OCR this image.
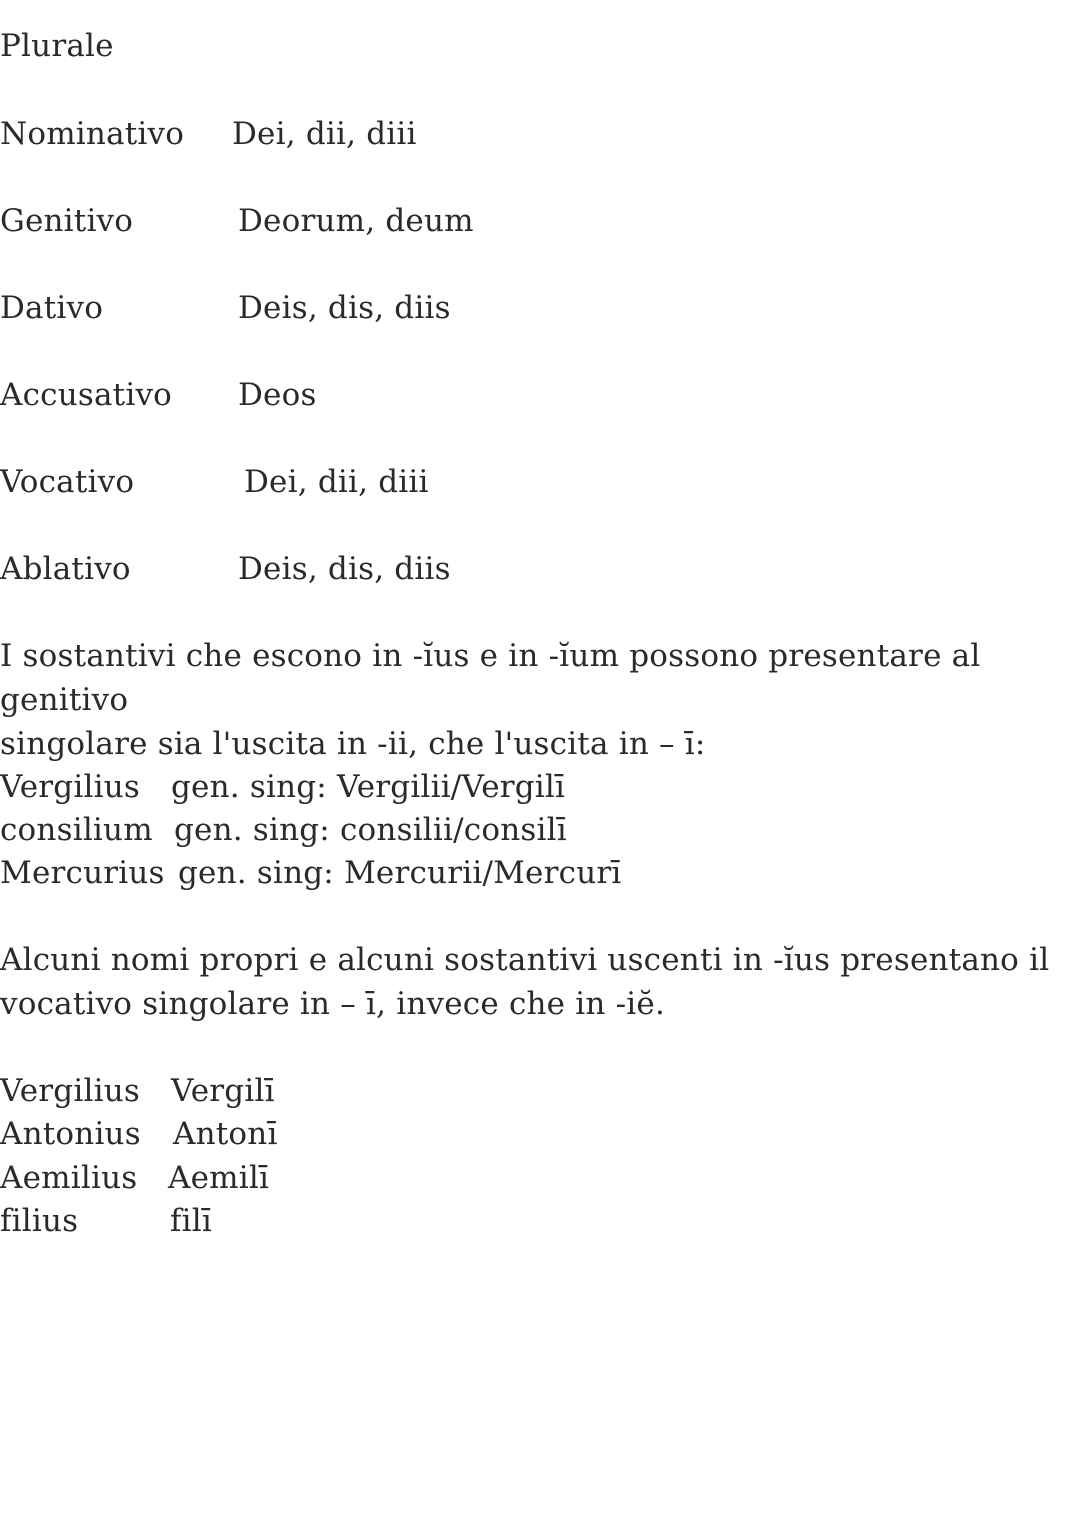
Plurale
Nominativo Dei, dii, diii
Genitivo	Deorum, deum
Dativo	Deis, dis, diis
Accusativo Deos
Vocativo	Dei, dii, diii
Ablativo	Deis, dis, diis
I sostantivi che escono in -ĭus e in -ĭum possono presentare al genitivo
singolare sia l'uscita in -ii, che l'uscita in – ī:
Vergilius gen. sing: Vergilii/Vergilī
consilium gen. sing: consilii/consilī
Mercurius gen. sing: Mercurii/Mercurī
Alcuni nomi propri e alcuni sostantivi uscenti in -ĭus presentano il
vocativo singolare in – ī, invece che in -iĕ.
Vergilius Vergilī
Antonius Antonī
Aemilius Aemilī
filius	filī
